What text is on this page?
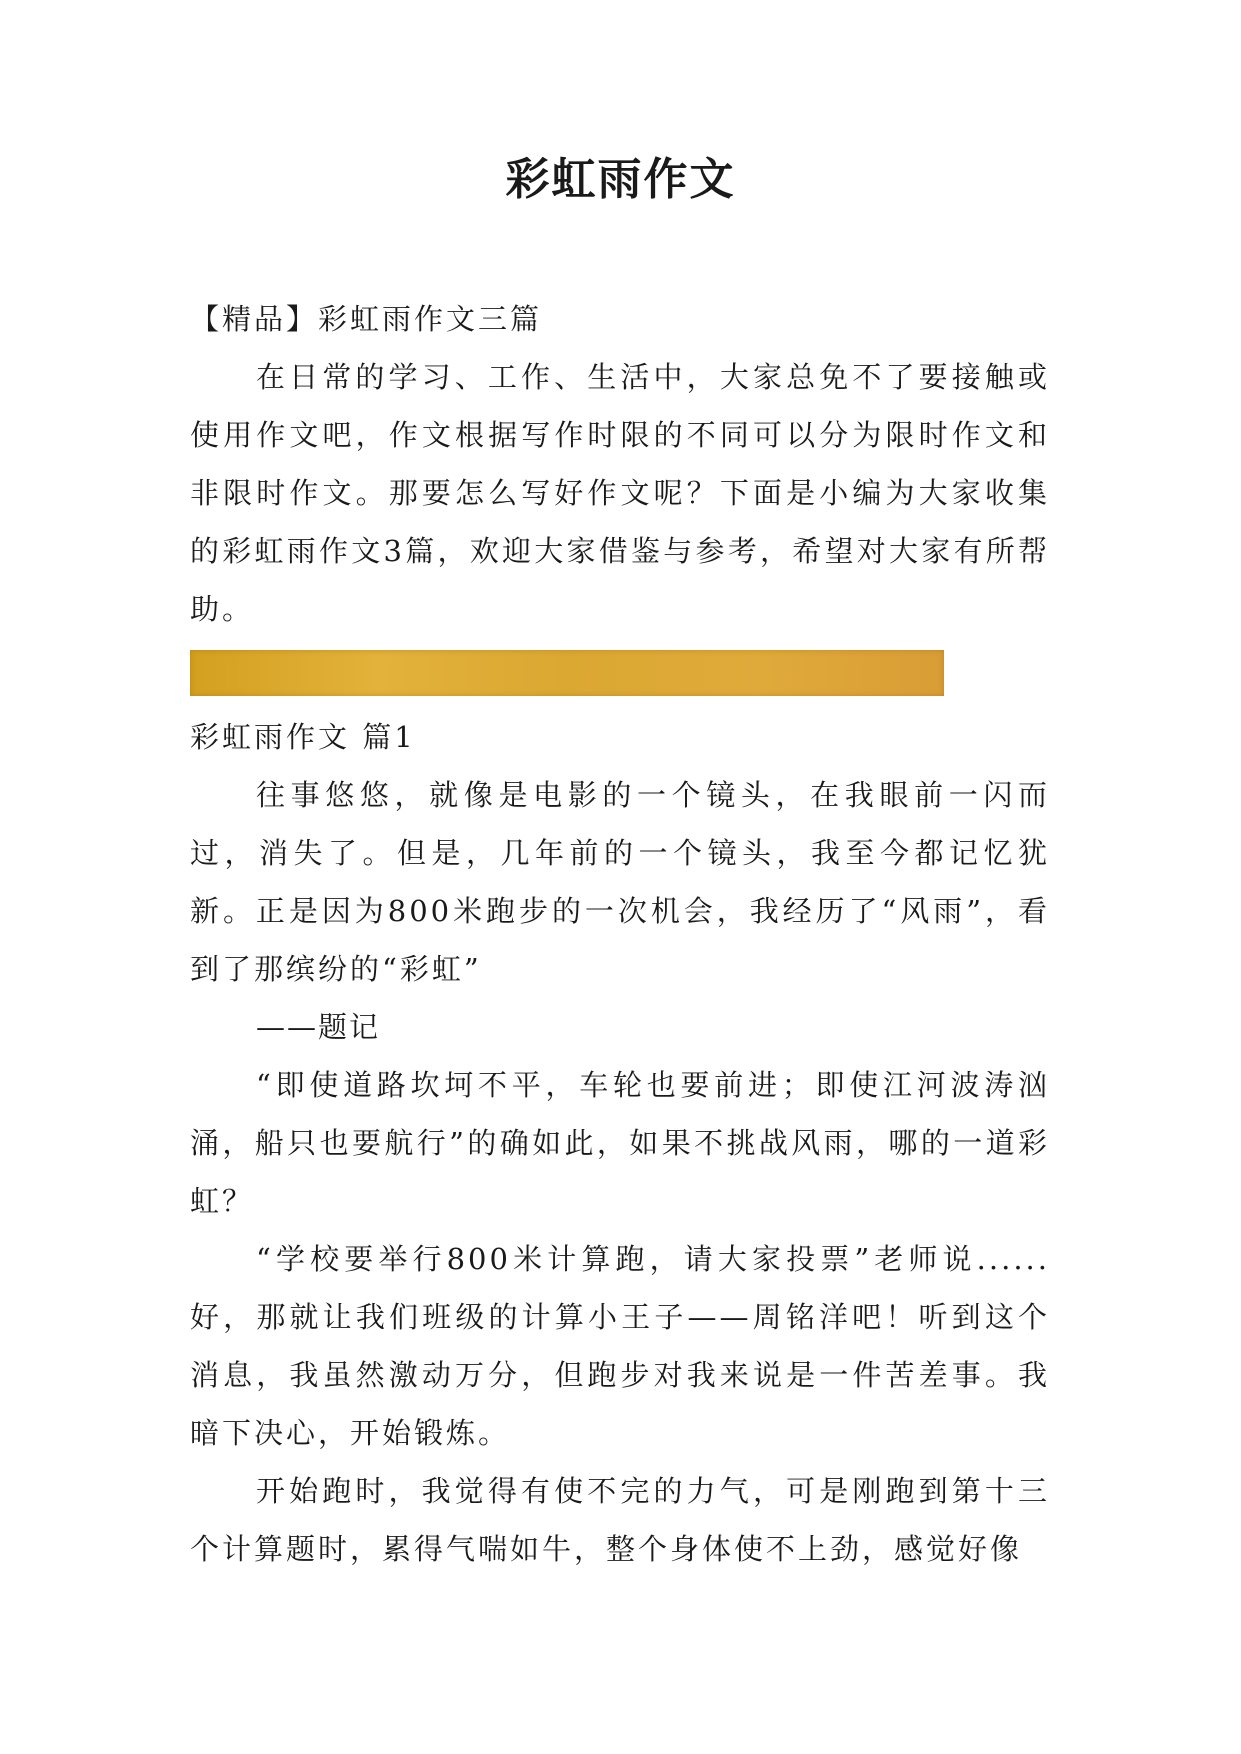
彩虹雨作文
【精品】彩虹雨作文三篇
在日常的学习、工作、生活中，大家总免不了要接触或使用作文吧，作文根据写作时限的不同可以分为限时作文和非限时作文。那要怎么写好作文呢？下面是小编为大家收集的彩虹雨作文3篇，欢迎大家借鉴与参考，希望对大家有所帮助。
彩虹雨作文 篇1
往事悠悠，就像是电影的一个镜头，在我眼前一闪而过，消失了。但是，几年前的一个镜头，我至今都记忆犹新。正是因为800米跑步的一次机会，我经历了“风雨”，看到了那缤纷的“彩虹”
——题记
“即使道路坎坷不平，车轮也要前进；即使江河波涛汹涌，船只也要航行”的确如此，如果不挑战风雨，哪的一道彩虹？
“学校要举行800米计算跑，请大家投票”老师说......好，那就让我们班级的计算小王子——周铭洋吧！听到这个消息，我虽然激动万分，但跑步对我来说是一件苦差事。我暗下决心，开始锻炼。
开始跑时，我觉得有使不完的力气，可是刚跑到第十三个计算题时，累得气喘如牛，整个身体使不上劲，感觉好像
